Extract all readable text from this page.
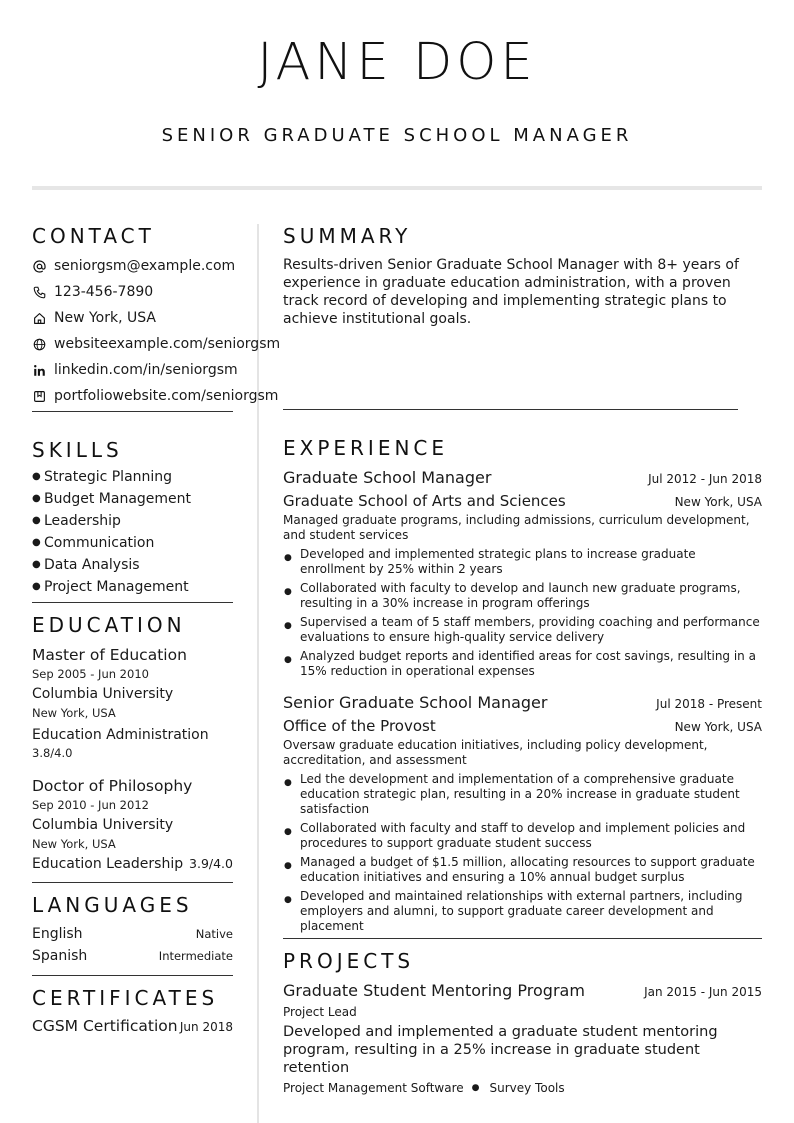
JANE DOE
SENIOR GRADUATE SCHOOL MANAGER
CONTACT
seniorgsm@example.com
123-456-7890
New York, USA
websiteexample.com/seniorgsm
linkedin.com/in/seniorgsm
portfoliowebsite.com/seniorgsm
SKILLS
● Strategic Planning
● Budget Management
● Leadership
● Communication
● Data Analysis
● Project Management
EDUCATION
Master of Education
Sep 2005 - Jun 2010
Columbia University
New York, USA
Education Administration
3.8/4.0
Doctor of Philosophy
Sep 2010 - Jun 2012
Columbia University
New York, USA
Education Leadership 3.9/4.0
LANGUAGES
English	Native
Spanish	Intermediate
CERTIFICATES
CGSM Certification Jun 2018
SUMMARY
Results-driven Senior Graduate School Manager with 8+ years of experience in graduate education administration, with a proven track record of developing and implementing strategic plans to achieve institutional goals.
EXPERIENCE
Graduate School Manager	Jul 2012 - Jun 2018
Graduate School of Arts and Sciences	New York, USA
Managed graduate programs, including admissions, curriculum development, and student services
● Developed and implemented strategic plans to increase graduate enrollment by 25% within 2 years
● Collaborated with faculty to develop and launch new graduate programs, resulting in a 30% increase in program offerings
● Supervised a team of 5 staff members, providing coaching and performance evaluations to ensure high-quality service delivery
● Analyzed budget reports and identified areas for cost savings, resulting in a 15% reduction in operational expenses
Senior Graduate School Manager	Jul 2018 - Present
Office of the Provost	New York, USA
Oversaw graduate education initiatives, including policy development, accreditation, and assessment
● Led the development and implementation of a comprehensive graduate education strategic plan, resulting in a 20% increase in graduate student satisfaction
● Collaborated with faculty and staff to develop and implement policies and procedures to support graduate student success
● Managed a budget of $1.5 million, allocating resources to support graduate education initiatives and ensuring a 10% annual budget surplus
● Developed and maintained relationships with external partners, including employers and alumni, to support graduate career development and placement
PROJECTS
Graduate Student Mentoring Program	Jan 2015 - Jun 2015
Project Lead
Developed and implemented a graduate student mentoring program, resulting in a 25% increase in graduate student retention
Project Management Software ● Survey Tools
